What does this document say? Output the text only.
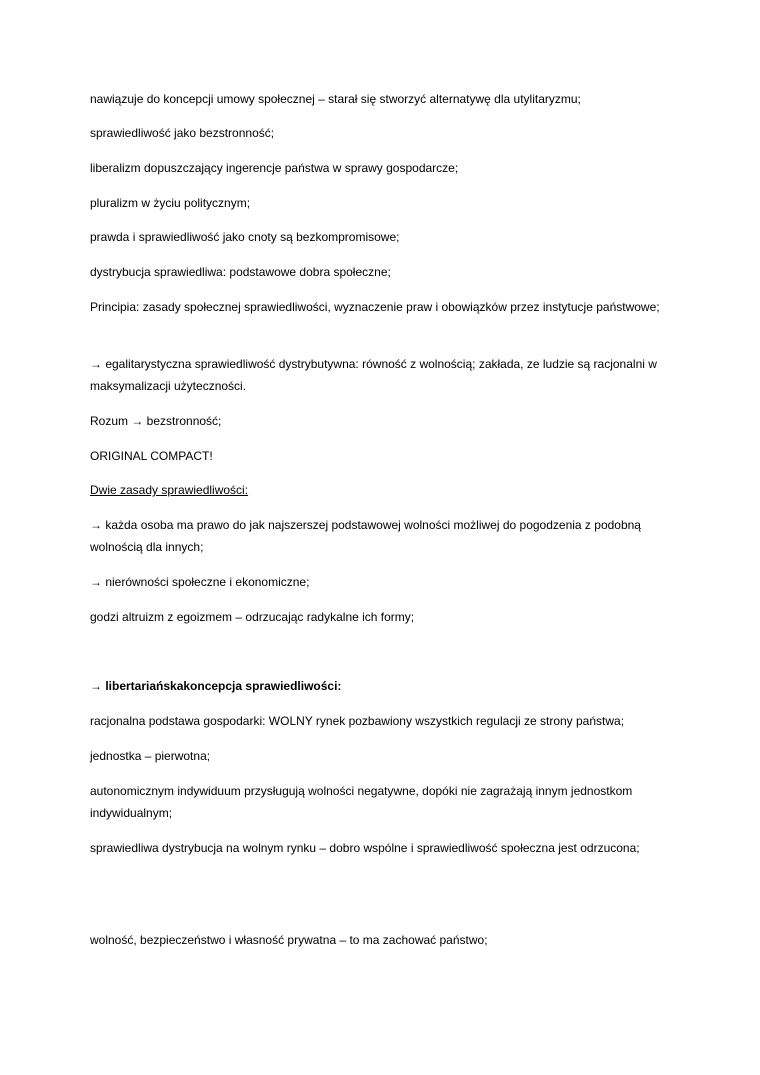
nawiązuje do koncepcji umowy społecznej – starał się stworzyć alternatywę dla utylitaryzmu;

sprawiedliwość jako bezstronność;

liberalizm dopuszczający ingerencje państwa w sprawy gospodarcze;

pluralizm w życiu politycznym;

prawda i sprawiedliwość jako cnoty są bezkompromisowe;

dystrybucja sprawiedliwa: podstawowe dobra społeczne;

Principia: zasady społecznej sprawiedliwości, wyznaczenie praw i obowiązków przez instytucje państwowe;

→ egalitarystyczna sprawiedliwość dystrybutywna: równość z wolnością; zakłada, ze ludzie są racjonalni w maksymalizacji użyteczności.

Rozum → bezstronność;

ORIGINAL COMPACT!

Dwie zasady sprawiedliwości:

→ każda osoba ma prawo do jak najszerszej podstawowej wolności możliwej do pogodzenia z podobną wolnością dla innych;

→ nierówności społeczne i ekonomiczne;

godzi altruizm z egoizmem – odrzucając radykalne ich formy;

→ libertariańskakoncepcja sprawiedliwości:

racjonalna podstawa gospodarki: WOLNY rynek pozbawiony wszystkich regulacji ze strony państwa;

jednostka – pierwotna;

autonomicznym indywiduum przysługują wolności negatywne, dopóki nie zagrażają innym jednostkom indywidualnym;

sprawiedliwa dystrybucja na wolnym rynku – dobro wspólne i sprawiedliwość społeczna jest odrzucona;

wolność, bezpieczeństwo i własność prywatna – to ma zachować państwo;
